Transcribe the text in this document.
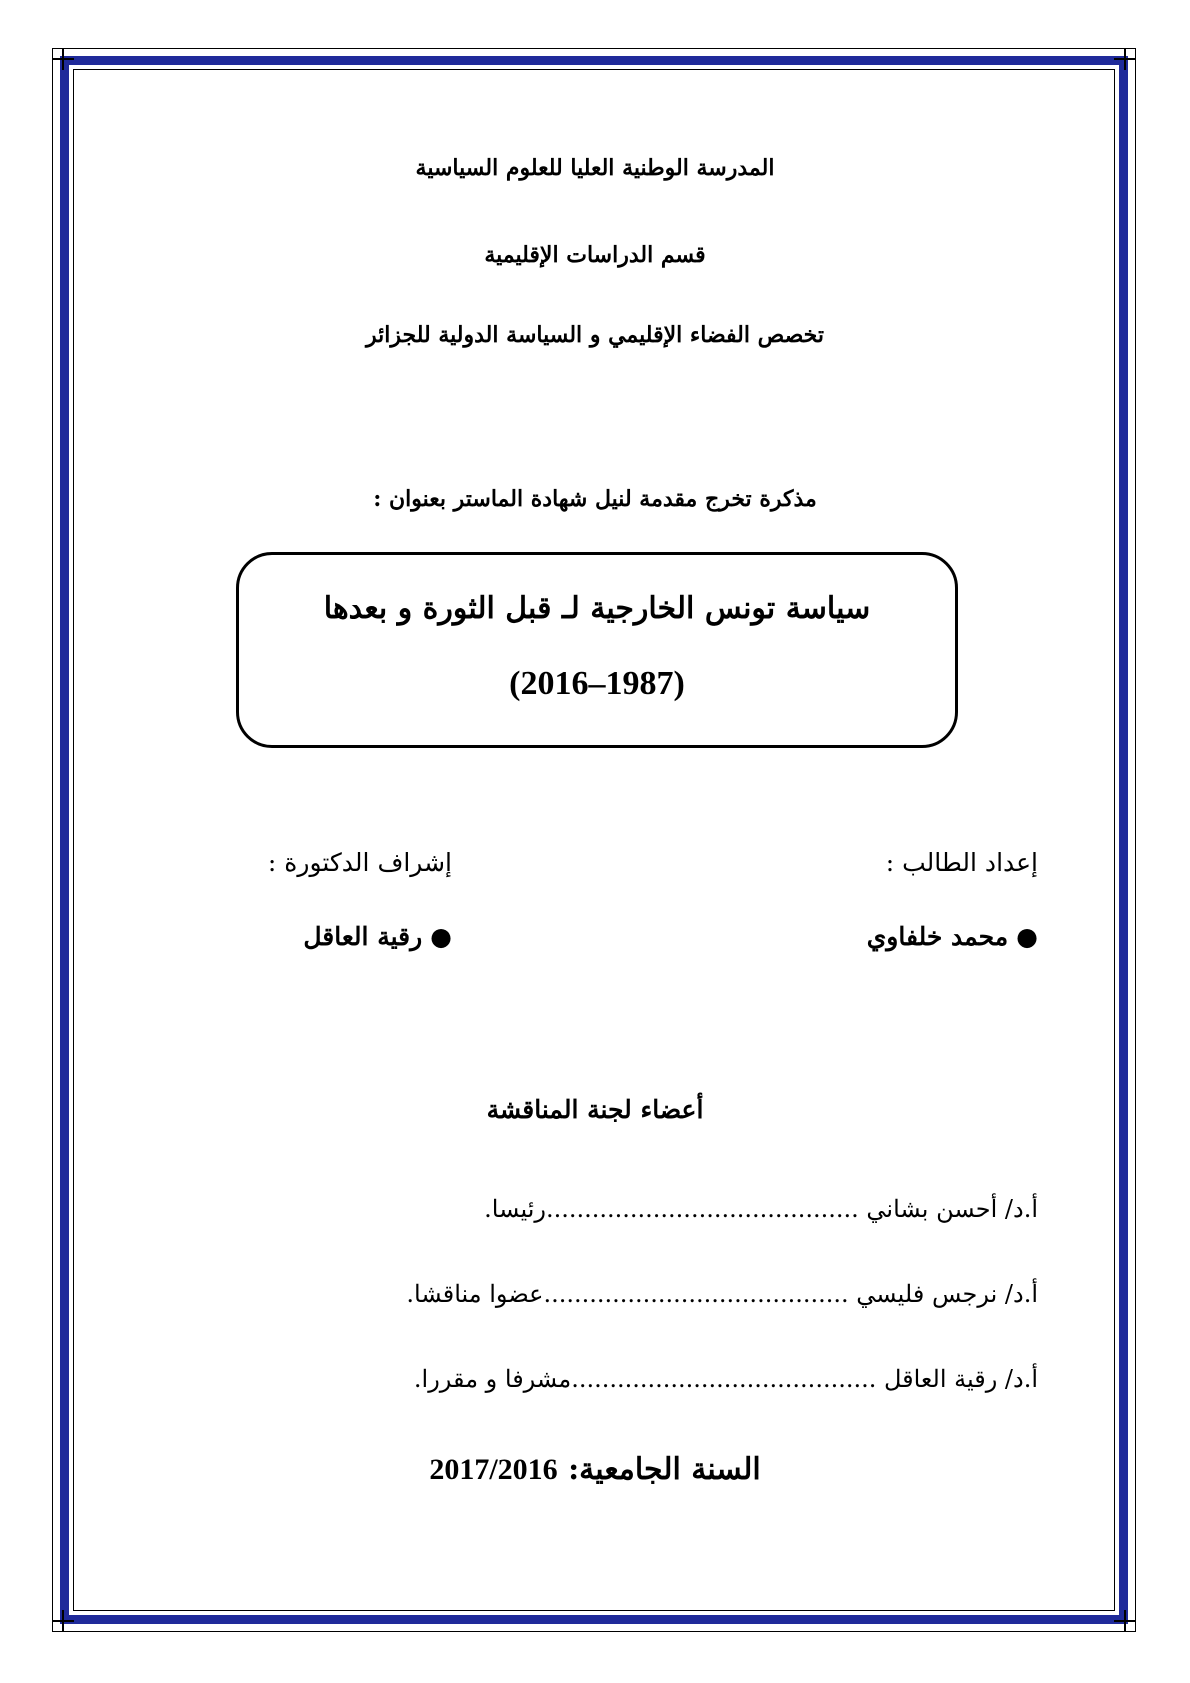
المدرسة الوطنية العليا للعلوم السياسية
قسم الدراسات الإقليمية
تخصص الفضاء الإقليمي و السياسة الدولية للجزائر
مذكرة تخرج مقدمة لنيل شهادة الماستر بعنوان :
سياسة تونس الخارجية لـ قبل الثورة و بعدها
(2016–1987)
إعداد الطالب :
إشراف الدكتورة :
●محمد خلفاوي
●رقية العاقل
أعضاء لجنة المناقشة
أ.د/ أحسن بشاني .........................................رئيسا.
أ.د/ نرجس فليسي ........................................عضوا مناقشا.
أ.د/ رقية العاقل ........................................مشرفا و مقررا.
2017/2016 السنة الجامعية:
